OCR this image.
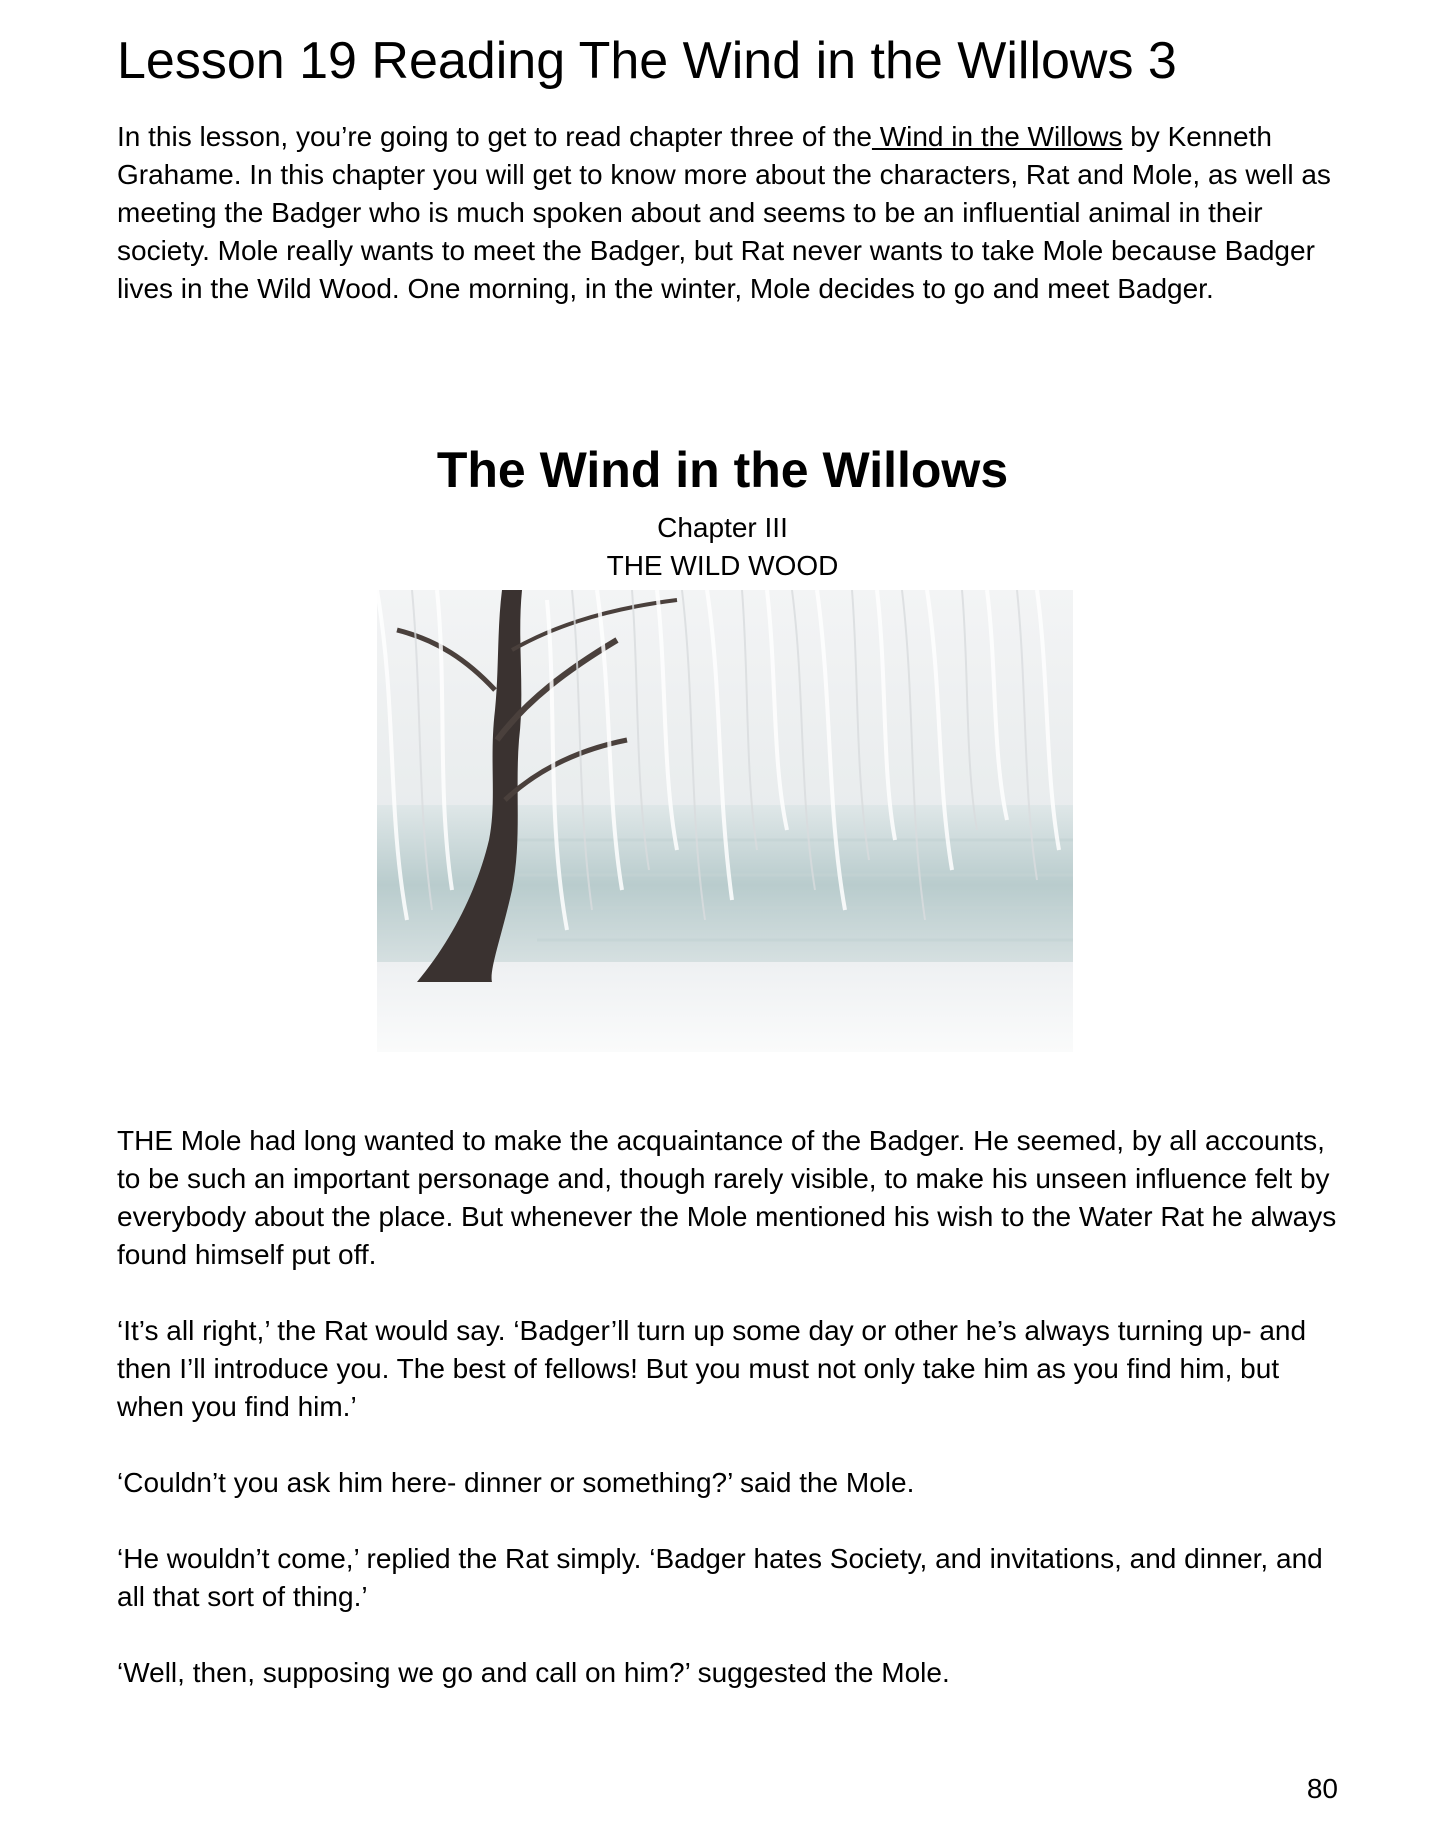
Lesson 19 Reading The Wind in the Willows 3

In this lesson, you’re going to get to read chapter three of the Wind in the Willows by Kenneth Grahame. In this chapter you will get to know more about the characters, Rat and Mole, as well as meeting the Badger who is much spoken about and seems to be an influential animal in their society. Mole really wants to meet the Badger, but Rat never wants to take Mole because Badger lives in the Wild Wood. One morning, in the winter, Mole decides to go and meet Badger.

The Wind in the Willows
Chapter III
THE WILD WOOD

THE Mole had long wanted to make the acquaintance of the Badger. He seemed, by all accounts, to be such an important personage and, though rarely visible, to make his unseen influence felt by everybody about the place. But whenever the Mole mentioned his wish to the Water Rat he always found himself put off.

‘It’s all right,’ the Rat would say. ‘Badger’ll turn up some day or other he’s always turning up- and then I’ll introduce you. The best of fellows! But you must not only take him as you find him, but when you find him.’

‘Couldn’t you ask him here- dinner or something?’ said the Mole.

‘He wouldn’t come,’ replied the Rat simply. ‘Badger hates Society, and invitations, and dinner, and all that sort of thing.’

‘Well, then, supposing we go and call on him?’ suggested the Mole.

80
